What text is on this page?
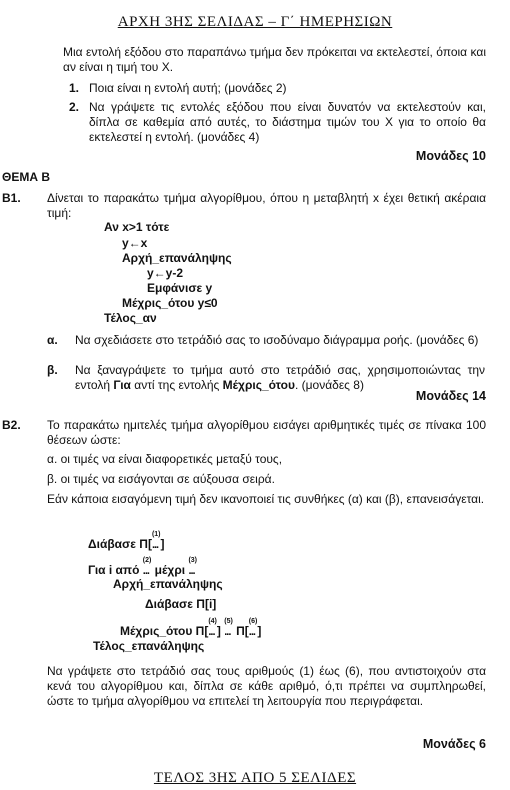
ΑΡΧΗ 3ΗΣ ΣΕΛΙΔΑΣ – Γ΄ ΗΜΕΡΗΣΙΩΝ
Μια εντολή εξόδου στο παραπάνω τμήμα δεν πρόκειται να εκτελεστεί, όποια και αν είναι η τιμή του Χ.
1. Ποια είναι η εντολή αυτή; (μονάδες 2)
2. Να γράψετε τις εντολές εξόδου που είναι δυνατόν να εκτελεστούν και, δίπλα σε καθεμία από αυτές, το διάστημα τιμών του Χ για το οποίο θα εκτελεστεί η εντολή. (μονάδες 4)
Μονάδες 10
ΘΕΜΑ Β
Β1. Δίνεται το παρακάτω τμήμα αλγορίθμου, όπου η μεταβλητή x έχει θετική ακέραια τιμή:
Αν x>1 τότε
y←x
Αρχή_επανάληψης
y←y-2
Εμφάνισε y
Μέχρις_ότου y≤0
Τέλος_αν
α. Να σχεδιάσετε στο τετράδιό σας το ισοδύναμο διάγραμμα ροής. (μονάδες 6)
β. Να ξαναγράψετε το τμήμα αυτό στο τετράδιό σας, χρησιμοποιώντας την εντολή Για αντί της εντολής Μέχρις_ότου. (μονάδες 8)
Μονάδες 14
Β2. Το παρακάτω ημιτελές τμήμα αλγορίθμου εισάγει αριθμητικές τιμές σε πίνακα 100 θέσεων ώστε:
α. οι τιμές να είναι διαφορετικές μεταξύ τους,
β. οι τιμές να εισάγονται σε αύξουσα σειρά.
Εάν κάποια εισαγόμενη τιμή δεν ικανοποιεί τις συνθήκες (α) και (β), επανεισάγεται.
Διάβασε Π[
(1)
... ]
Για i από
(2)
... μέχρι
(3)
...
Αρχή_επανάληψης
Διάβασε Π[i]
Μέχρις_ότου Π[
(4)
... ]
(5)
... Π[
(6)
... ]
Τέλος_επανάληψης
Να γράψετε στο τετράδιό σας τους αριθμούς (1) έως (6), που αντιστοιχούν στα κενά του αλγορίθμου και, δίπλα σε κάθε αριθμό, ό,τι πρέπει να συμπληρωθεί, ώστε το τμήμα αλγορίθμου να επιτελεί τη λειτουργία που περιγράφεται.
Μονάδες 6
ΤΕΛΟΣ 3ΗΣ ΑΠΟ 5 ΣΕΛΙΔΕΣ
